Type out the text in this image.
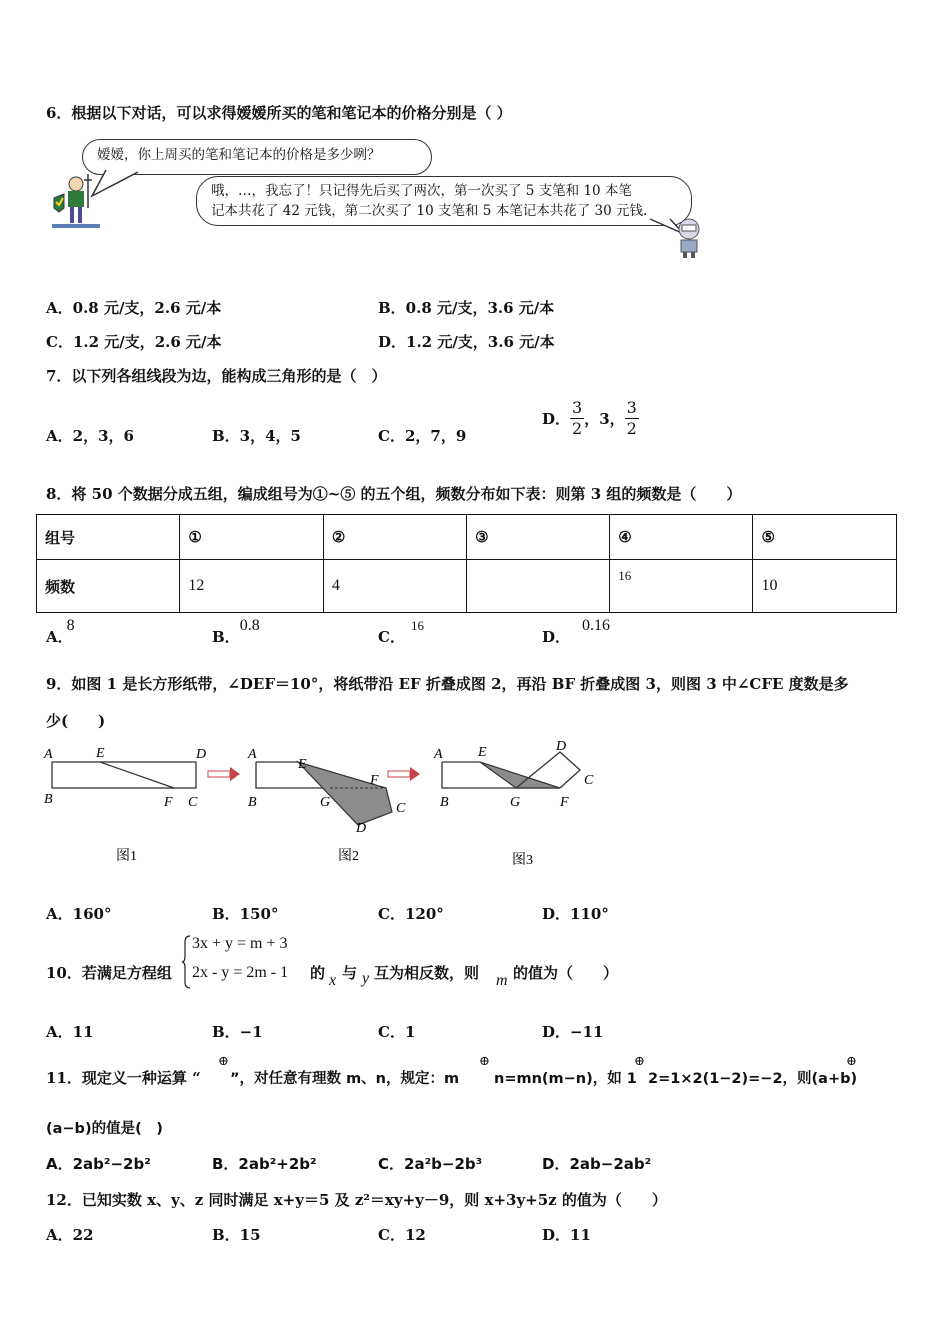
6．根据以下对话，可以求得嫒嫒所买的笔和笔记本的价格分别是（ ）
嫒嫒，你上周买的笔和笔记本的价格是多少咧？
哦，…，我忘了！只记得先后买了两次，第一次买了 5 支笔和 10 本笔
记本共花了 42 元钱，第二次买了 10 支笔和 5 本笔记本共花了 30 元钱.
A．0.8 元/支，2.6 元/本	B．0.8 元/支，3.6 元/本
C．1.2 元/支，2.6 元/本	D．1.2 元/支，3.6 元/本
7．以下列各组线段为边，能构成三角形的是（　）
A．2，3，6	B．3，4，5	C．2，7，9
D． $\frac{3}{2}$ ，3， $\frac{3}{2}$
8．将 50 个数据分成五组，编成组号为①~⑤ 的五个组，频数分布如下表：则第 3 组的频数是（　　）
组号	①	②	③	④	⑤
频数	12	4		16	10
A．8
B．0.8
C．16
D．0.16
9．如图 1 是长方形纸带，∠DEF＝10°，将纸带沿 EF 折叠成图 2，再沿 BF 折叠成图 3，则图 3 中∠CFE 度数是多
少(　　)
A	E	D
B	F C
图1
A
E
F
B	G	C
D
图2
A	E	D
C
B	G	F
图3
A．160°	B．150°	C．120°	D．110°
10．若满足方程组
3x + y = m + 3
2x - y = 2m - 1 的 x 与 y 互为相反数，则 m 的值为（　　）
A．11	B．−1	C．1	D．−11
11．现定义一种运算 “
⊕
”，对任意有理数 m、n，规定：m
⊕
n=mn(m−n)，如 1
⊕
2=1×2(1−2)=−2，则(a+b)
⊕
(a−b)的值是(　)
A．2ab²−2b²	B．2ab²+2b²	C．2a²b−2b³	D．2ab−2ab²
12．已知实数 x、y、z 同时满足 x+y＝5 及 z²＝xy+y－9，则 x+3y+5z 的值为（　　）
A．22	B．15	C．12	D．11
